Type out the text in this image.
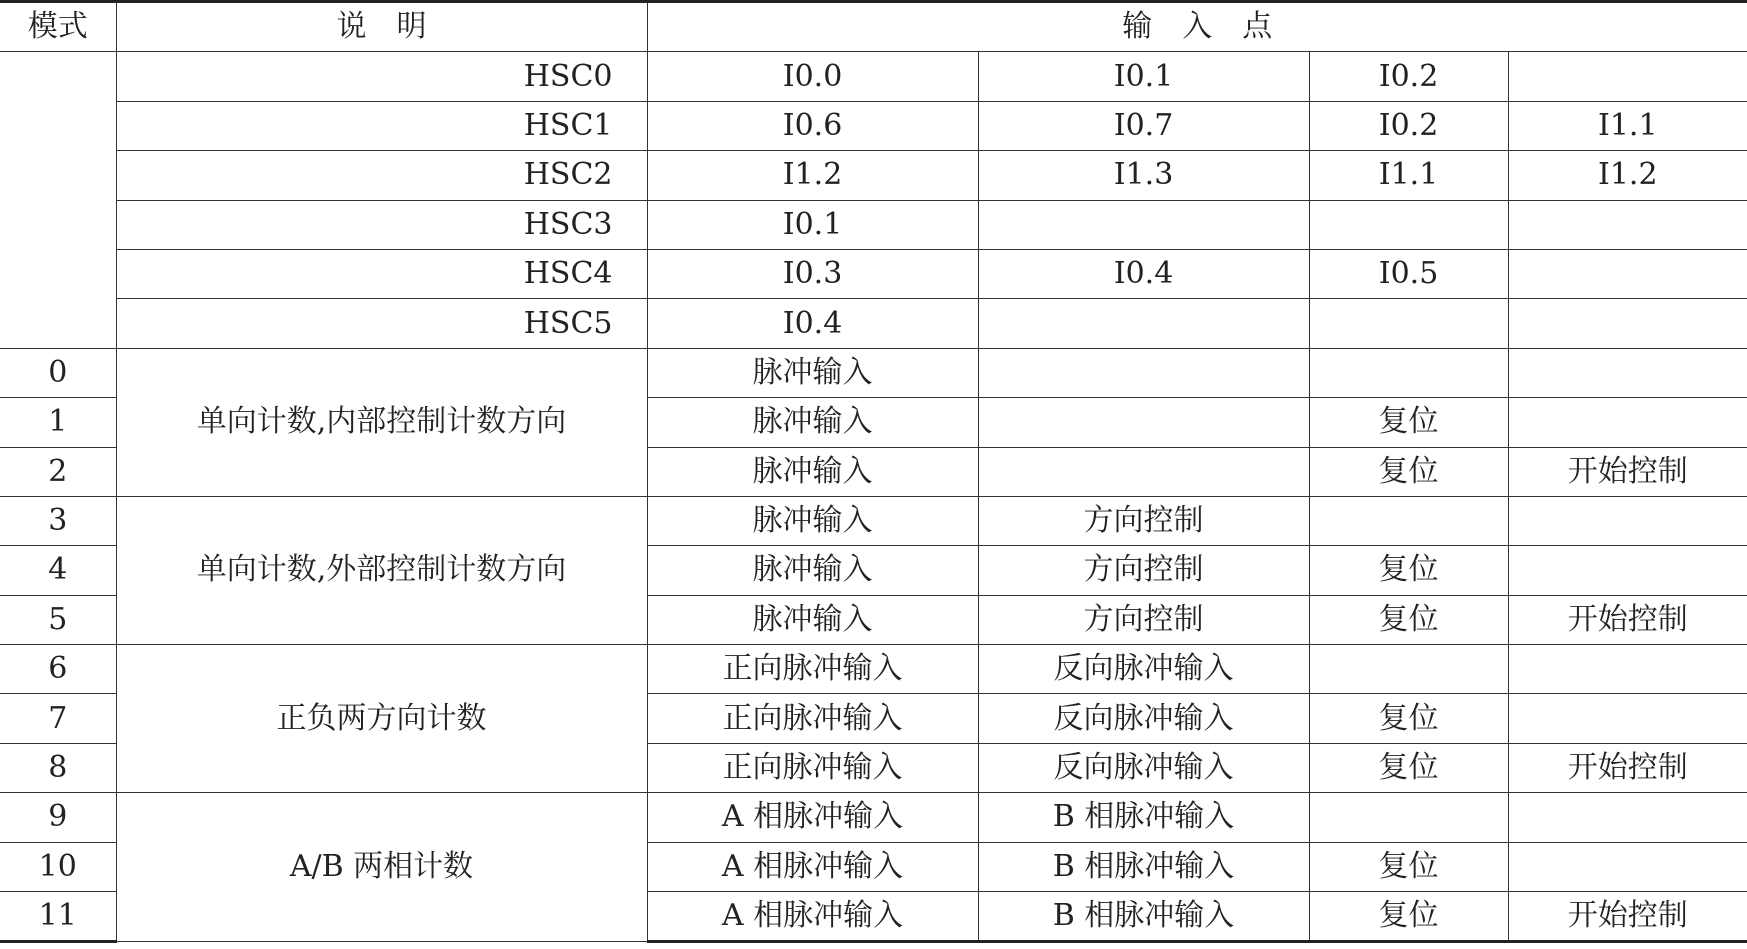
模式	说　明	输　入　点			
	HSC0	I0.0	I0.1	I0.2	
	HSC1	I0.6	I0.7	I0.2	I1.1
	HSC2	I1.2	I1.3	I1.1	I1.2
	HSC3	I0.1			
	HSC4	I0.3	I0.4	I0.5	
	HSC5	I0.4			
0	单向计数,内部控制计数方向	脉冲输入			
1		脉冲输入		复位	
2		脉冲输入		复位	开始控制
3	单向计数,外部控制计数方向	脉冲输入	方向控制		
4		脉冲输入	方向控制	复位	
5		脉冲输入	方向控制	复位	开始控制
6	正负两方向计数	正向脉冲输入	反向脉冲输入		
7		正向脉冲输入	反向脉冲输入	复位	
8		正向脉冲输入	反向脉冲输入	复位	开始控制
9	A/B 两相计数	A 相脉冲输入	B 相脉冲输入		
10		A 相脉冲输入	B 相脉冲输入	复位	
11		A 相脉冲输入	B 相脉冲输入	复位	开始控制
